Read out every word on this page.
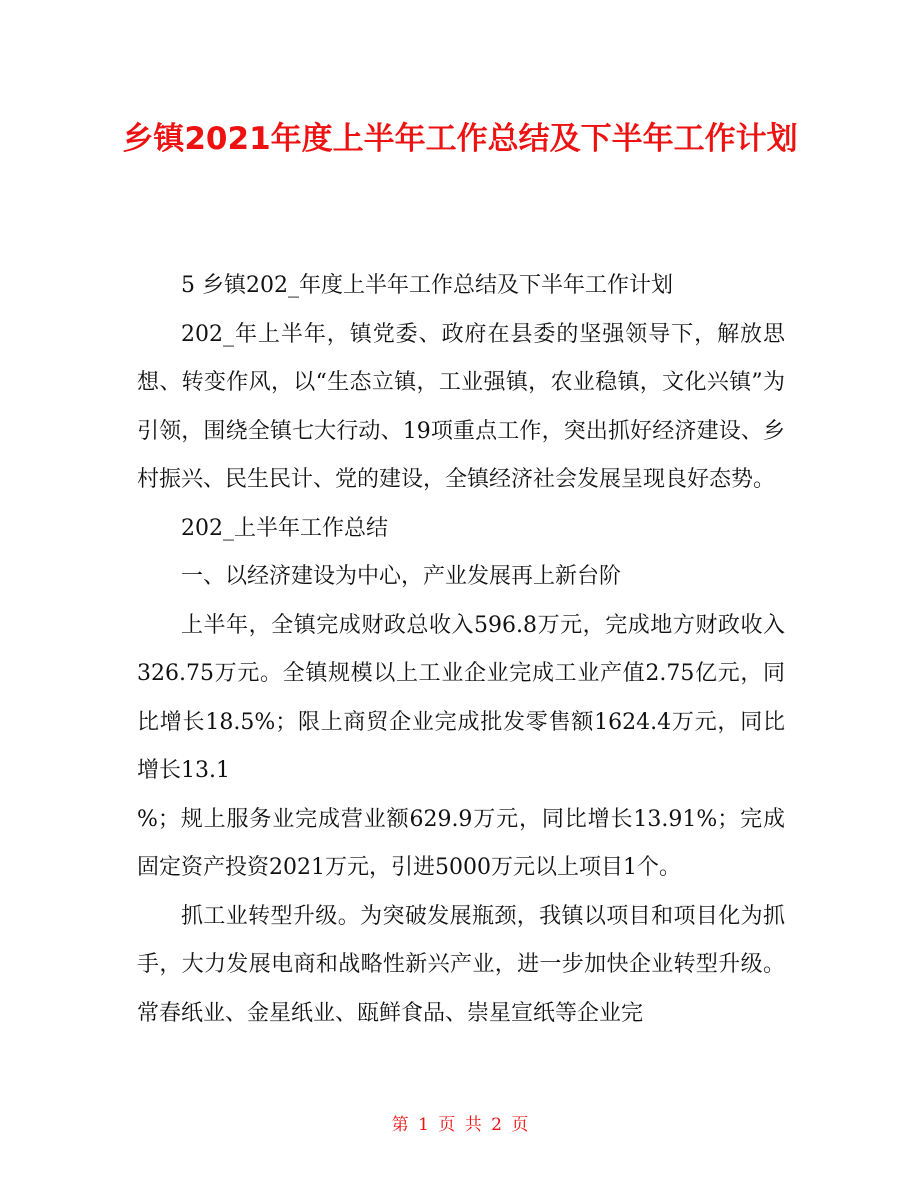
乡镇2021年度上半年工作总结及下半年工作计划

5 乡镇202_年度上半年工作总结及下半年工作计划

202_年上半年，镇党委、政府在县委的坚强领导下，解放思想、转变作风，以“生态立镇，工业强镇，农业稳镇，文化兴镇”为引领，围绕全镇七大行动、19项重点工作，突出抓好经济建设、乡村振兴、民生民计、党的建设，全镇经济社会发展呈现良好态势。

202_上半年工作总结

一、以经济建设为中心，产业发展再上新台阶

上半年，全镇完成财政总收入596.8万元，完成地方财政收入326.75万元。全镇规模以上工业企业完成工业产值2.75亿元，同比增长18.5%；限上商贸企业完成批发零售额1624.4万元，同比增长13.1

%；规上服务业完成营业额629.9万元，同比增长13.91%；完成固定资产投资2021万元，引进5000万元以上项目1个。

抓工业转型升级。为突破发展瓶颈，我镇以项目和项目化为抓手，大力发展电商和战略性新兴产业，进一步加快企业转型升级。常春纸业、金星纸业、瓯鲜食品、崇星宣纸等企业完

第 1 页 共 2 页
